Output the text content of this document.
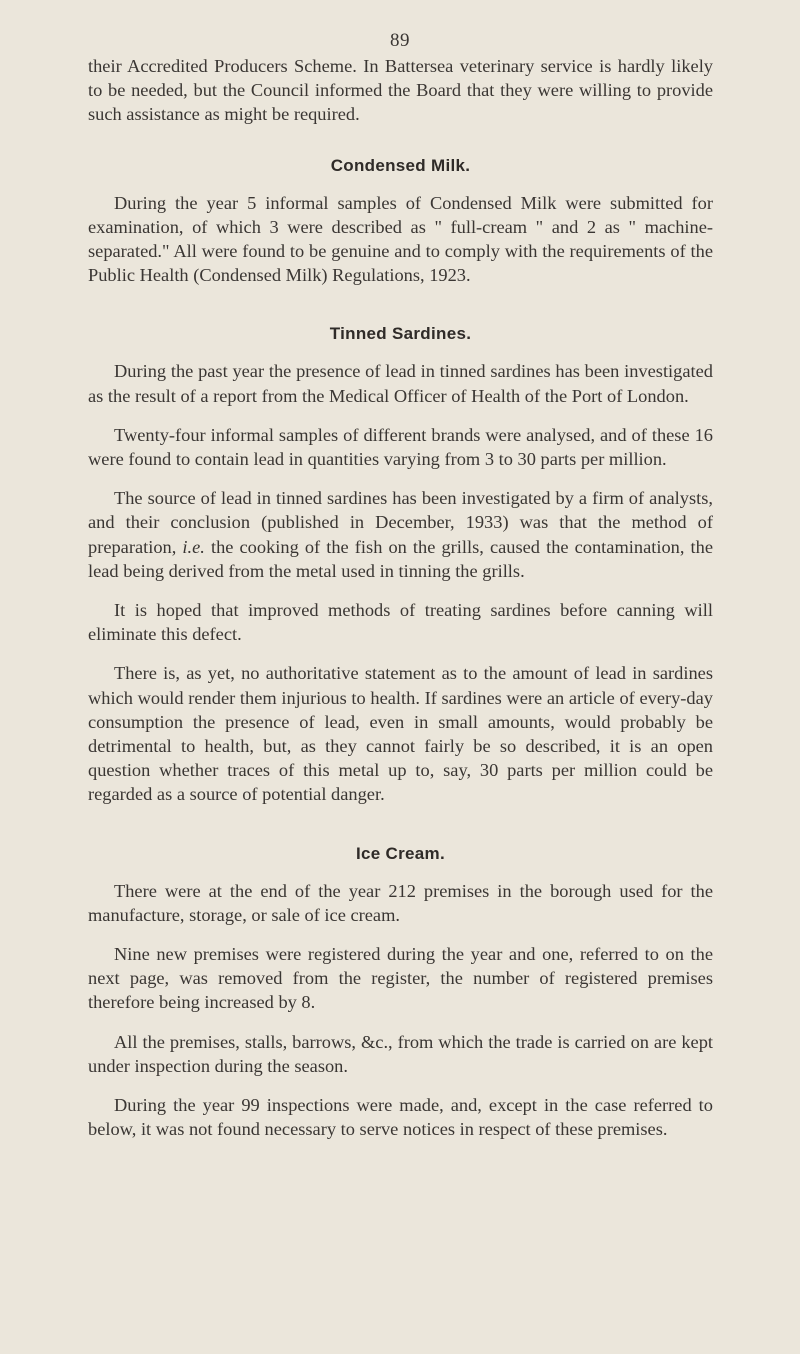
89

their Accredited Producers Scheme. In Battersea veterinary service is hardly likely to be needed, but the Council informed the Board that they were willing to provide such assistance as might be required.

Condensed Milk.

During the year 5 informal samples of Condensed Milk were submitted for examination, of which 3 were described as " full-cream " and 2 as " machine-separated." All were found to be genuine and to comply with the requirements of the Public Health (Condensed Milk) Regulations, 1923.

Tinned Sardines.

During the past year the presence of lead in tinned sardines has been investigated as the result of a report from the Medical Officer of Health of the Port of London.

Twenty-four informal samples of different brands were analysed, and of these 16 were found to contain lead in quantities varying from 3 to 30 parts per million.

The source of lead in tinned sardines has been investigated by a firm of analysts, and their conclusion (published in December, 1933) was that the method of preparation, i.e. the cooking of the fish on the grills, caused the contamination, the lead being derived from the metal used in tinning the grills.

It is hoped that improved methods of treating sardines before canning will eliminate this defect.

There is, as yet, no authoritative statement as to the amount of lead in sardines which would render them injurious to health. If sardines were an article of every-day consumption the presence of lead, even in small amounts, would probably be detrimental to health, but, as they cannot fairly be so described, it is an open question whether traces of this metal up to, say, 30 parts per million could be regarded as a source of potential danger.

Ice Cream.

There were at the end of the year 212 premises in the borough used for the manufacture, storage, or sale of ice cream.

Nine new premises were registered during the year and one, referred to on the next page, was removed from the register, the number of registered premises therefore being increased by 8.

All the premises, stalls, barrows, &c., from which the trade is carried on are kept under inspection during the season.

During the year 99 inspections were made, and, except in the case referred to below, it was not found necessary to serve notices in respect of these premises.
